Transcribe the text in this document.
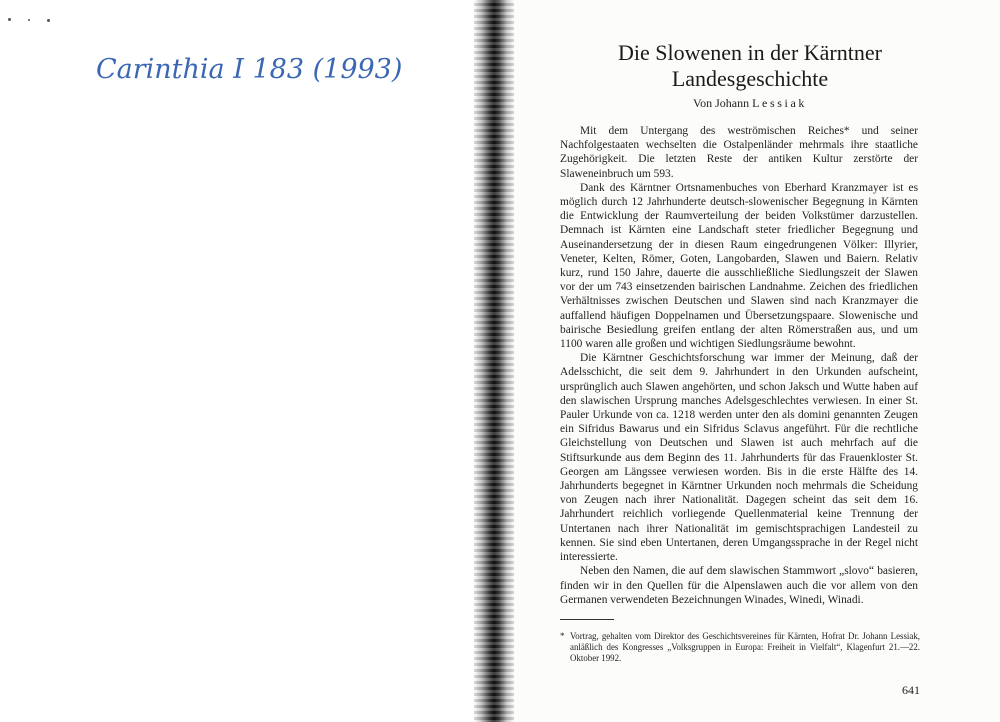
Carinthia I 183 (1993)
Die Slowenen in der Kärntner
Landesgeschichte
Von Johann Lessiak

Mit dem Untergang des weströmischen Reiches* und seiner Nachfolgestaaten wechselten die Ostalpenländer mehrmals ihre staatliche Zugehörigkeit. Die letzten Reste der antiken Kultur zerstörte der Slaweneinbruch um 593.

Dank des Kärntner Ortsnamenbuches von Eberhard Kranzmayer ist es möglich durch 12 Jahrhunderte deutsch-slowenischer Begegnung in Kärnten die Entwicklung der Raumverteilung der beiden Volkstümer darzustellen. Demnach ist Kärnten eine Landschaft steter friedlicher Begegnung und Auseinandersetzung der in diesen Raum eingedrungenen Völker: Illyrier, Veneter, Kelten, Römer, Goten, Langobarden, Slawen und Baiern. Relativ kurz, rund 150 Jahre, dauerte die ausschließliche Siedlungszeit der Slawen vor der um 743 einsetzenden bairischen Landnahme. Zeichen des friedlichen Verhältnisses zwischen Deutschen und Slawen sind nach Kranzmayer die auffallend häufigen Doppelnamen und Übersetzungspaare. Slowenische und bairische Besiedlung greifen entlang der alten Römerstraßen aus, und um 1100 waren alle großen und wichtigen Siedlungsräume bewohnt.

Die Kärntner Geschichtsforschung war immer der Meinung, daß der Adelsschicht, die seit dem 9. Jahrhundert in den Urkunden aufscheint, ursprünglich auch Slawen angehörten, und schon Jaksch und Wutte haben auf den slawischen Ursprung manches Adelsgeschlechtes verwiesen. In einer St. Pauler Urkunde von ca. 1218 werden unter den als domini genannten Zeugen ein Sifridus Bawarus und ein Sifridus Sclavus angeführt. Für die rechtliche Gleichstellung von Deutschen und Slawen ist auch mehrfach auf die Stiftsurkunde aus dem Beginn des 11. Jahrhunderts für das Frauenkloster St. Georgen am Längssee verwiesen worden. Bis in die erste Hälfte des 14. Jahrhunderts begegnet in Kärntner Urkunden noch mehrmals die Scheidung von Zeugen nach ihrer Nationalität. Dagegen scheint das seit dem 16. Jahrhundert reichlich vorliegende Quellenmaterial keine Trennung der Untertanen nach ihrer Nationalität im gemischtsprachigen Landesteil zu kennen. Sie sind eben Untertanen, deren Umgangssprache in der Regel nicht interessierte.

Neben den Namen, die auf dem slawischen Stammwort „slovo“ basieren, finden wir in den Quellen für die Alpenslawen auch die vor allem von den Germanen verwendeten Bezeichnungen Winades, Winedi, Winadi.

* Vortrag, gehalten vom Direktor des Geschichtsvereines für Kärnten, Hofrat Dr. Johann Lessiak, anläßlich des Kongresses „Volksgruppen in Europa: Freiheit in Vielfalt“, Klagenfurt 21.—22. Oktober 1992.
641
